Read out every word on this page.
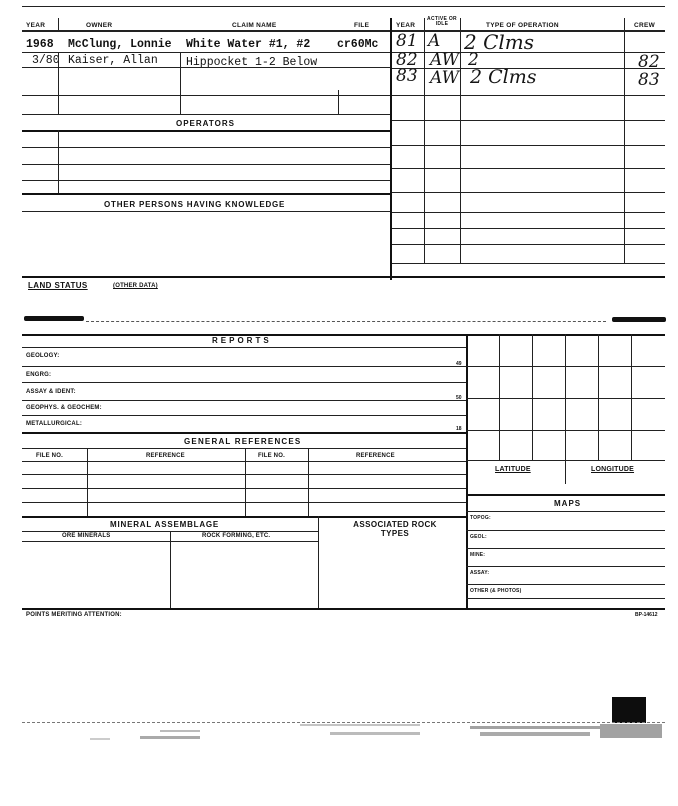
YEAR	OWNER	CLAIM NAME	FILE	YEAR
ACTIVE OR IDLE	TYPE OF OPERATION	CREW
1968 McClung, Lonnie White Water #1, #2 cr60Mc
3/80 Kaiser, Allan Hippocket 1-2 Below
81 A 2 Clms
82 AW 2	82
83 AW 2 Clms	83
OPERATORS
OTHER PERSONS HAVING KNOWLEDGE
LAND STATUS	(OTHER DATA)
REPORTS
GEOLOGY:
49
ENGRG:
ASSAY & IDENT:
50
GEOPHYS. & GEOCHEM:
METALLURGICAL:
18
GENERAL REFERENCES
FILE NO.	REFERENCE	FILE NO.	REFERENCE
MINERAL ASSEMBLAGE	ASSOCIATED ROCK TYPES
ORE MINERALS	ROCK FORMING, ETC.
LATITUDE	LONGITUDE
MAPS
TOPOG:
GEOL:
MINE:
ASSAY:
OTHER (& PHOTOS)
POINTS MERITING ATTENTION:	BP-14612
